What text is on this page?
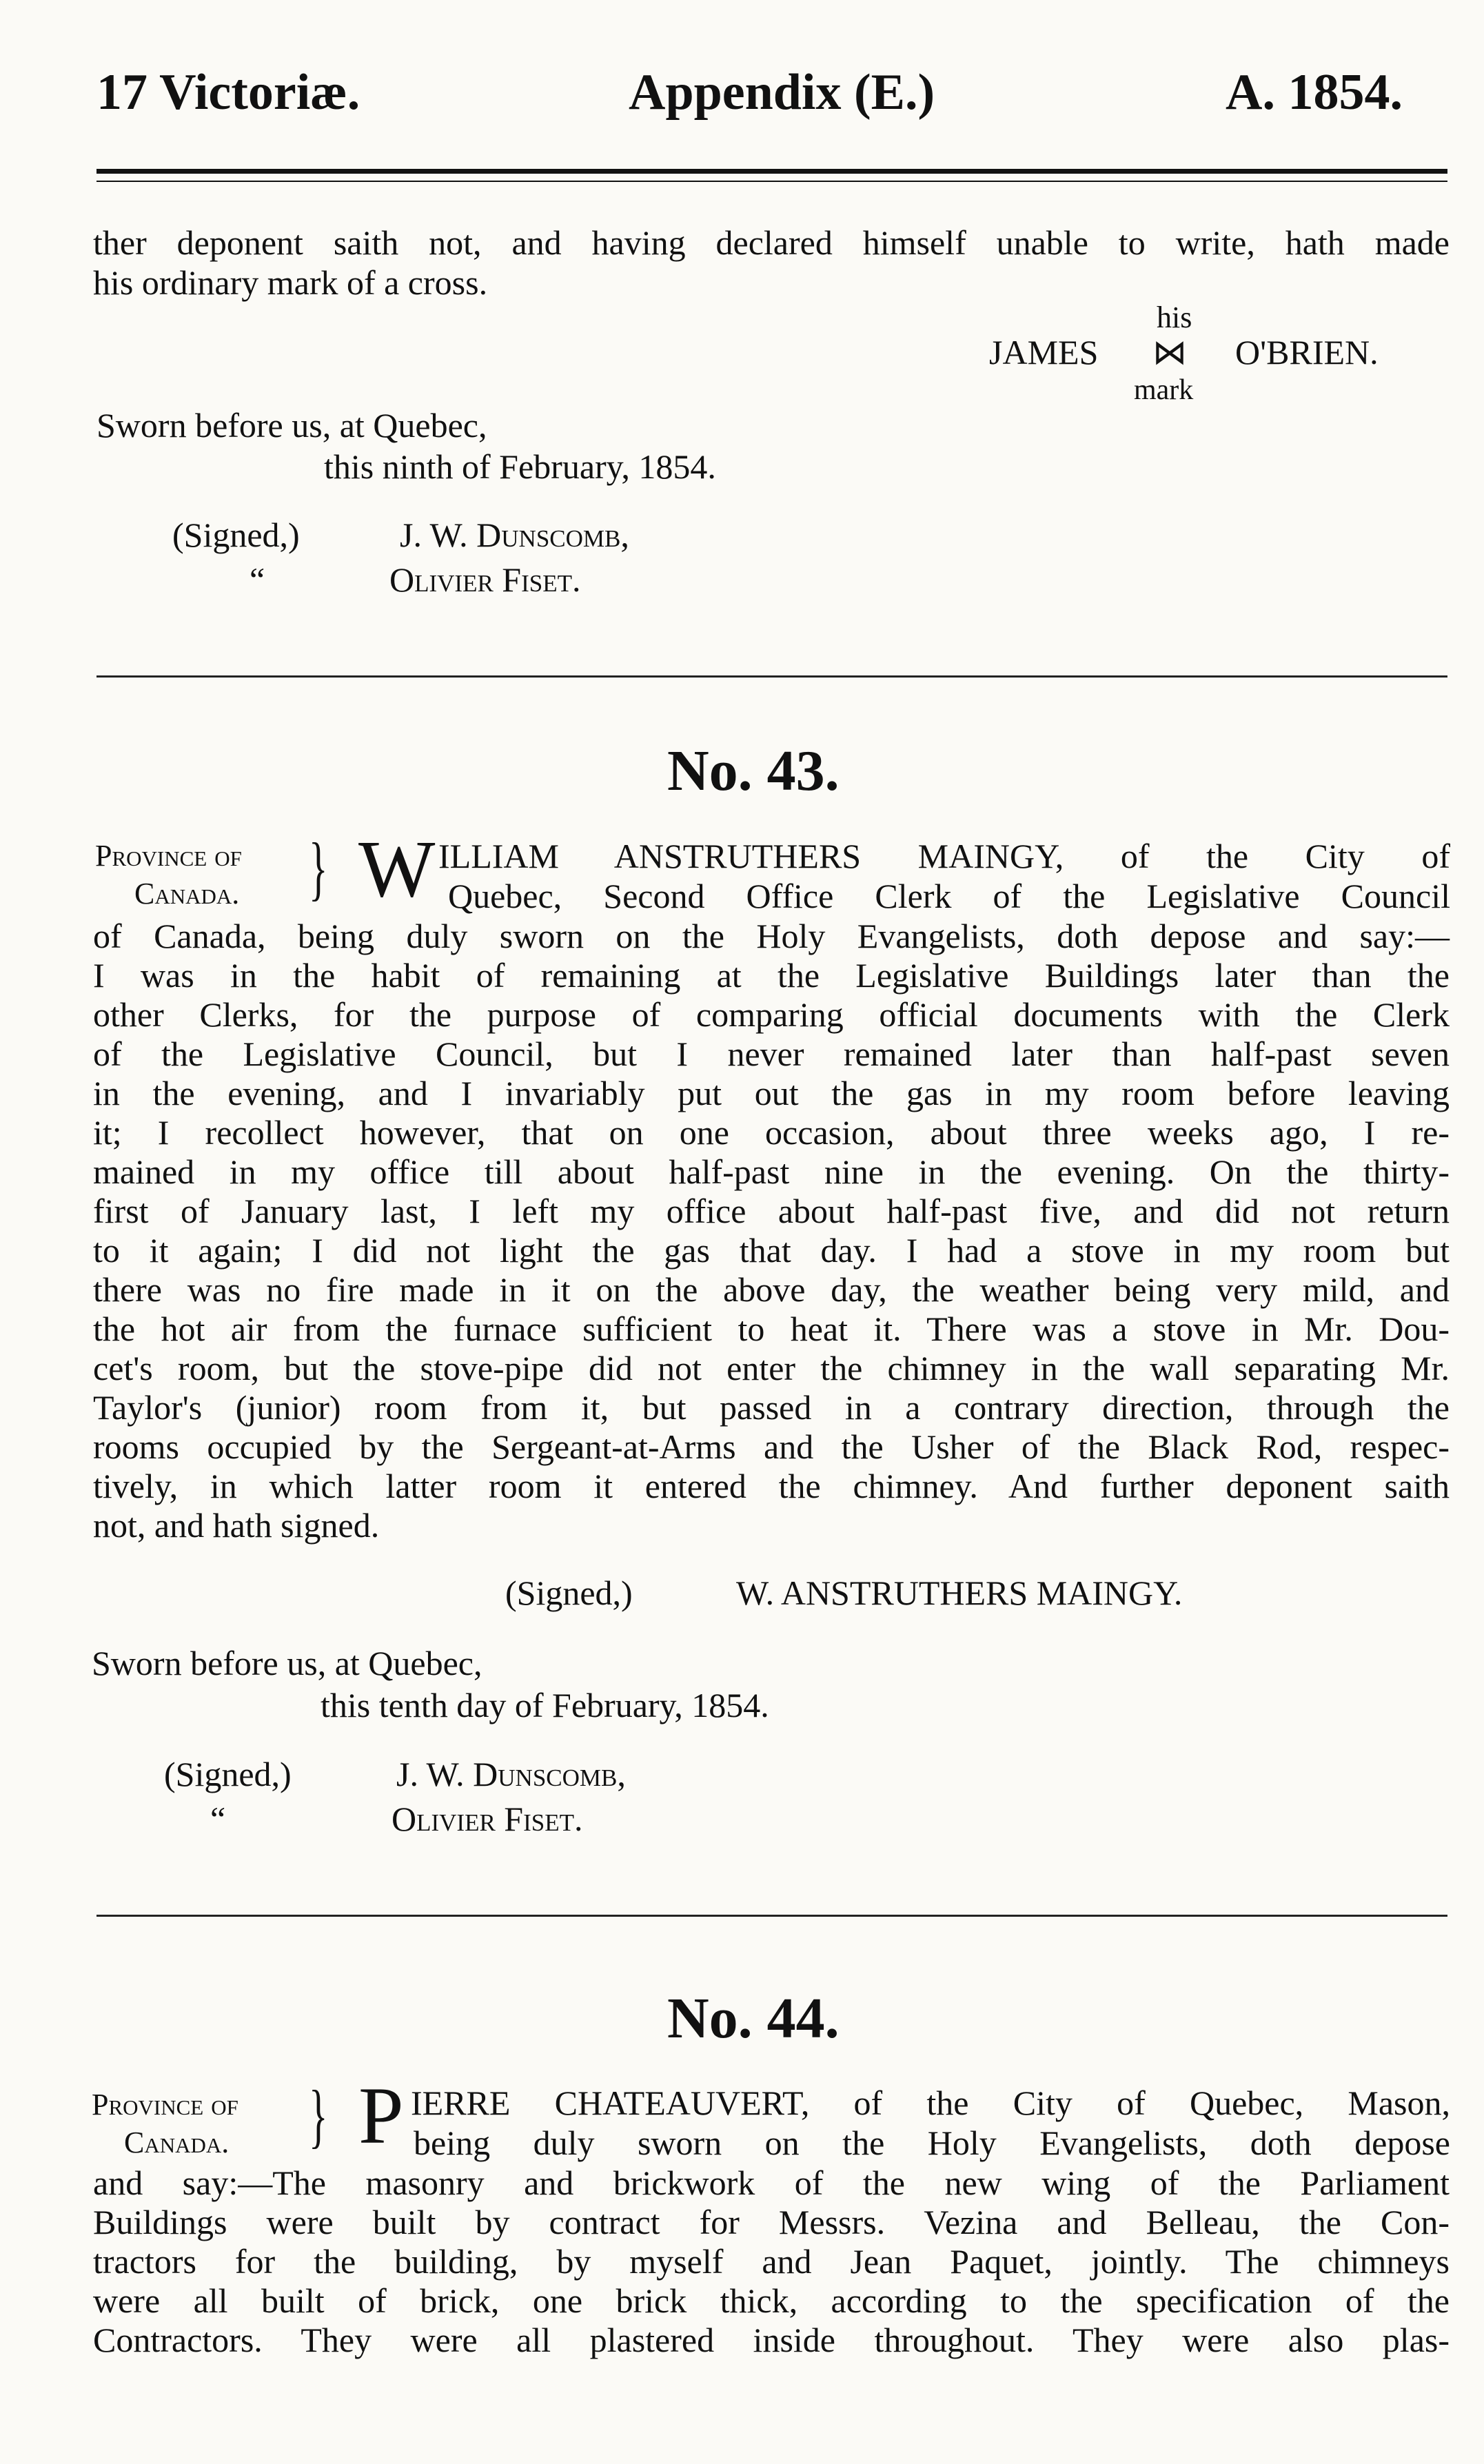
17 Victoriæ.	Appendix (E.)	A. 1854.
ther deponent saith not, and having declared himself unable to write, hath made
his ordinary mark of a cross.
his
JAMES ⋈ O'BRIEN.
mark
Sworn before us, at Quebec,
this ninth of February, 1854.
(Signed,)	J. W. Dunscomb,
“	Olivier Fiset.
No. 43.
Province of
Canada. } W ILLIAM ANSTRUTHERS MAINGY, of the City of
Quebec, Second Office Clerk of the Legislative Council
of Canada, being duly sworn on the Holy Evangelists, doth depose and say:—
I was in the habit of remaining at the Legislative Buildings later than the
other Clerks, for the purpose of comparing official documents with the Clerk
of the Legislative Council, but I never remained later than half-past seven
in the evening, and I invariably put out the gas in my room before leaving
it; I recollect however, that on one occasion, about three weeks ago, I re-
mained in my office till about half-past nine in the evening. On the thirty-
first of January last, I left my office about half-past five, and did not return
to it again; I did not light the gas that day. I had a stove in my room but
there was no fire made in it on the above day, the weather being very mild, and
the hot air from the furnace sufficient to heat it. There was a stove in Mr. Dou-
cet's room, but the stove-pipe did not enter the chimney in the wall separating Mr.
Taylor's (junior) room from it, but passed in a contrary direction, through the
rooms occupied by the Sergeant-at-Arms and the Usher of the Black Rod, respec-
tively, in which latter room it entered the chimney. And further deponent saith
not, and hath signed.
(Signed,)	W. ANSTRUTHERS MAINGY.
Sworn before us, at Quebec,
this tenth day of February, 1854.
(Signed,)	J. W. Dunscomb,
“	Olivier Fiset.
No. 44.
Province of
Canada. } P IERRE CHATEAUVERT, of the City of Quebec, Mason,
being duly sworn on the Holy Evangelists, doth depose
and say:—The masonry and brickwork of the new wing of the Parliament
Buildings were built by contract for Messrs. Vezina and Belleau, the Con-
tractors for the building, by myself and Jean Paquet, jointly. The chimneys
were all built of brick, one brick thick, according to the specification of the
Contractors. They were all plastered inside throughout. They were also plas-
